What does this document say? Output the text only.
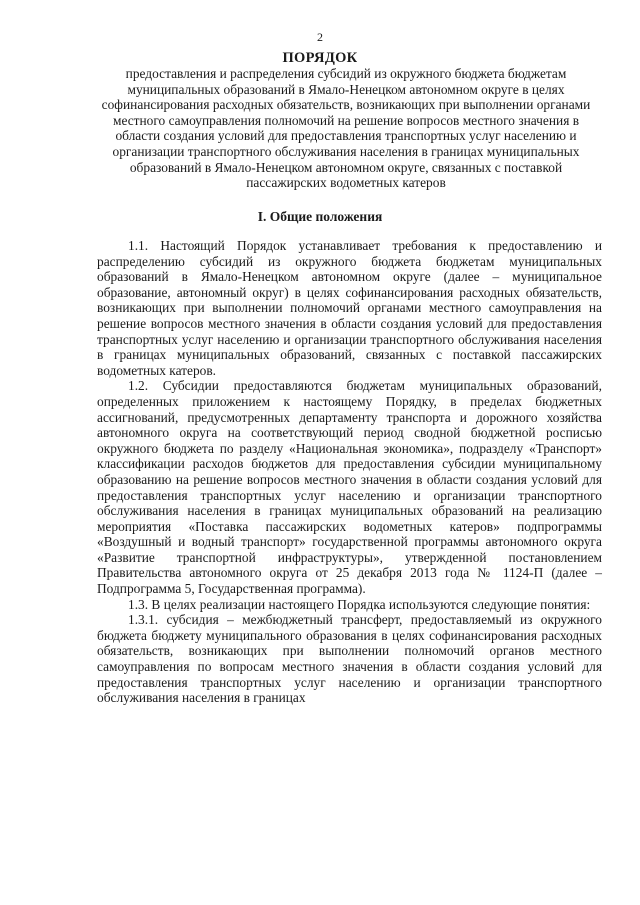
2
ПОРЯДОК
предоставления и распределения субсидий из окружного бюджета бюджетам муниципальных образований в Ямало-Ненецком автономном округе в целях софинансирования расходных обязательств, возникающих при выполнении органами местного самоуправления полномочий на решение вопросов местного значения в области создания условий для предоставления транспортных услуг населению и организации транспортного обслуживания населения в границах муниципальных образований в Ямало-Ненецком автономном округе, связанных с поставкой пассажирских водометных катеров
I. Общие положения

1.1. Настоящий Порядок устанавливает требования к предоставлению и распределению субсидий из окружного бюджета бюджетам муниципальных образований в Ямало-Ненецком автономном округе (далее – муниципальное образование, автономный округ) в целях софинансирования расходных обязательств, возникающих при выполнении полномочий органами местного самоуправления на решение вопросов местного значения в области создания условий для предоставления транспортных услуг населению и организации транспортного обслуживания населения в границах муниципальных образований, связанных с поставкой пассажирских водометных катеров.

1.2. Субсидии предоставляются бюджетам муниципальных образований, определенных приложением к настоящему Порядку, в пределах бюджетных ассигнований, предусмотренных департаменту транспорта и дорожного хозяйства автономного округа на соответствующий период сводной бюджетной росписью окружного бюджета по разделу «Национальная экономика», подразделу «Транспорт» классификации расходов бюджетов для предоставления субсидии муниципальному образованию на решение вопросов местного значения в области создания условий для предоставления транспортных услуг населению и организации транспортного обслуживания населения в границах муниципальных образований на реализацию мероприятия «Поставка пассажирских водометных катеров» подпрограммы «Воздушный и водный транспорт» государственной программы автономного округа «Развитие транспортной инфраструктуры», утвержденной постановлением Правительства автономного округа от 25 декабря 2013 года № 1124-П (далее – Подпрограмма 5, Государственная программа).

1.3. В целях реализации настоящего Порядка используются следующие понятия:

1.3.1. субсидия – межбюджетный трансферт, предоставляемый из окружного бюджета бюджету муниципального образования в целях софинансирования расходных обязательств, возникающих при выполнении полномочий органов местного самоуправления по вопросам местного значения в области создания условий для предоставления транспортных услуг населению и организации транспортного обслуживания населения в границах
